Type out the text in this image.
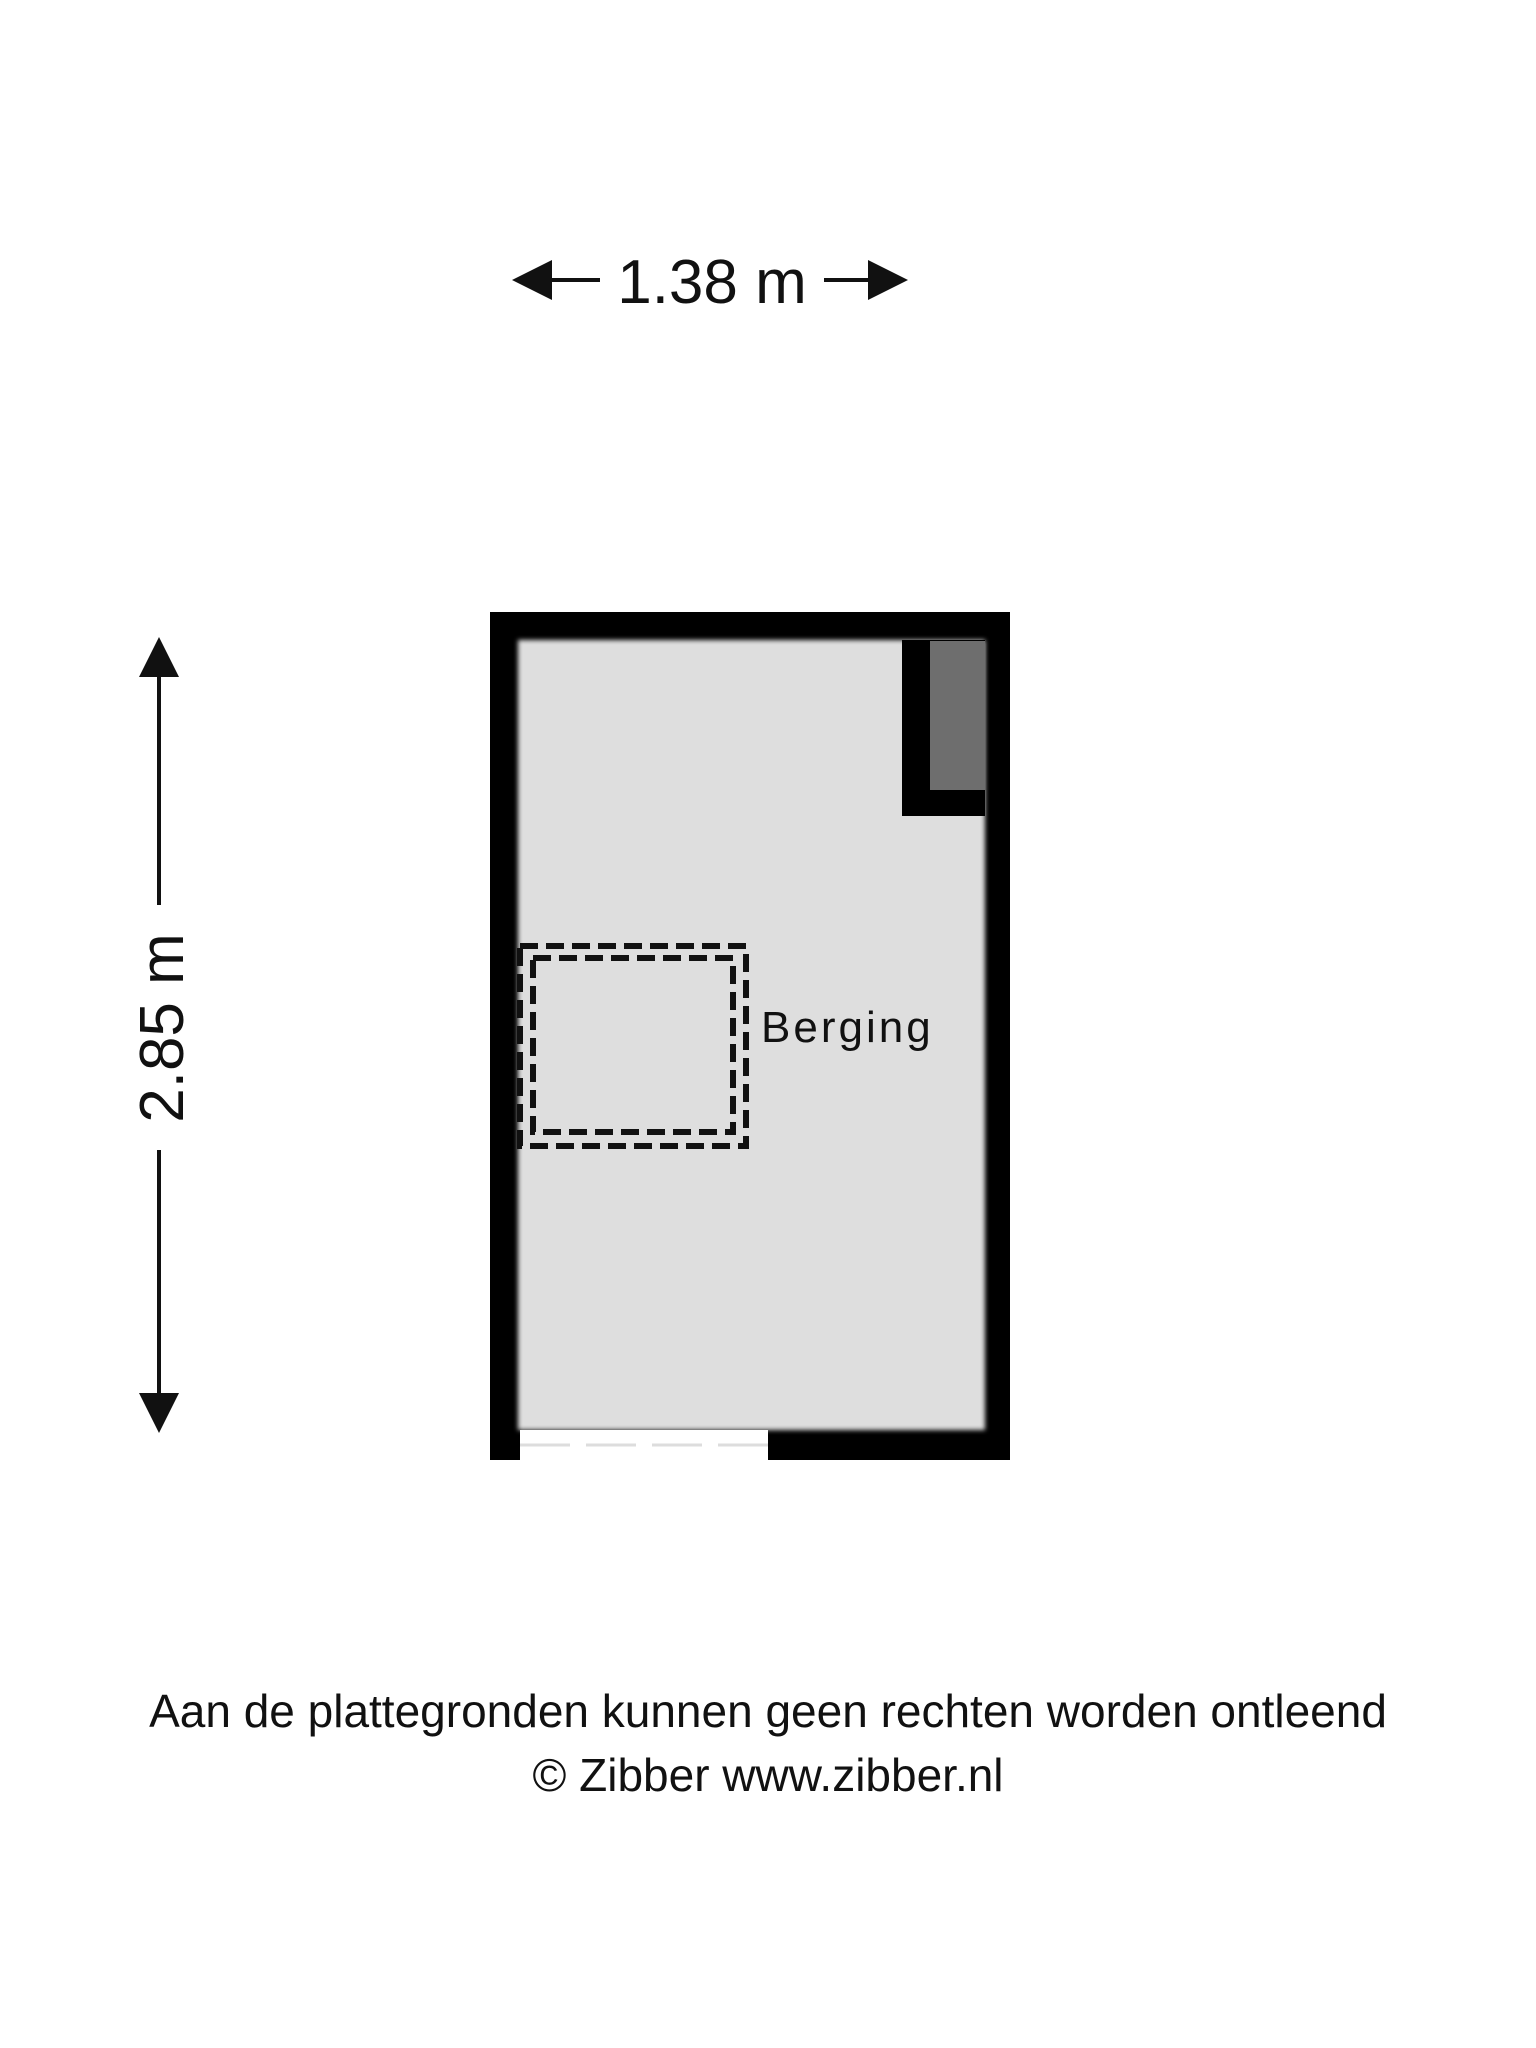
1.38 m
2.85 m	Berging
Aan de plattegronden kunnen geen rechten worden ontleend
© Zibber www.zibber.nl
